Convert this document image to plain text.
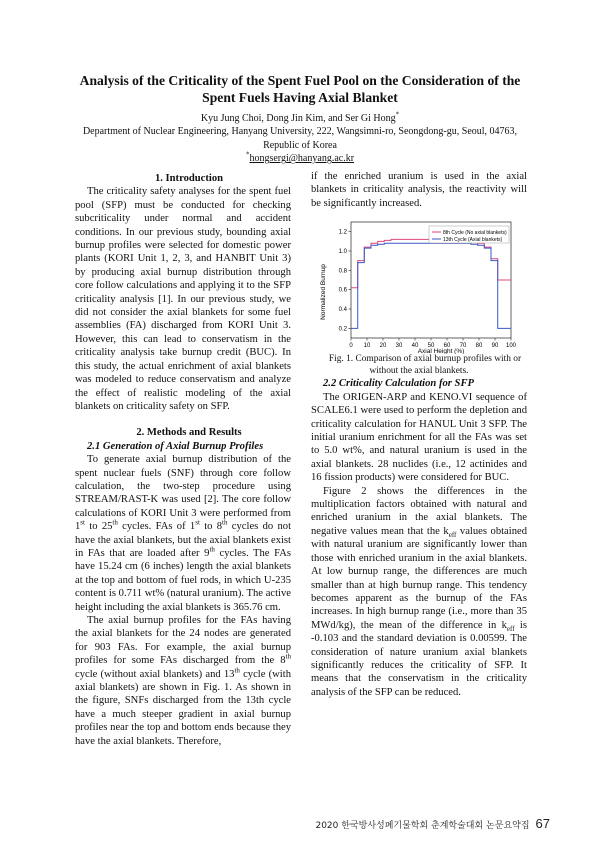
Analysis of the Criticality of the Spent Fuel Pool on the Consideration of the
Spent Fuels Having Axial Blanket
Kyu Jung Choi, Dong Jin Kim, and Ser Gi Hong*
Department of Nuclear Engineering, Hanyang University, 222, Wangsimni-ro, Seongdong-gu, Seoul, 04763,
Republic of Korea
*hongsergi@hanyang.ac.kr

1. Introduction

The criticality safety analyses for the spent fuel pool (SFP) must be conducted for checking subcriticality under normal and accident conditions. In our previous study, bounding axial burnup profiles were selected for domestic power plants (KORI Unit 1, 2, 3, and HANBIT Unit 3) by producing axial burnup distribution through core follow calculations and applying it to the SFP criticality analysis [1]. In our previous study, we did not consider the axial blankets for some fuel assemblies (FA) discharged from KORI Unit 3. However, this can lead to conservatism in the criticality analysis take burnup credit (BUC). In this study, the actual enrichment of axial blankets was modeled to reduce conservatism and analyze the effect of realistic modeling of the axial blankets on criticality safety on SFP.

2. Methods and Results

2.1 Generation of Axial Burnup Profiles

To generate axial burnup distribution of the spent nuclear fuels (SNF) through core follow calculation, the two-step procedure using STREAM/RAST-K was used [2]. The core follow calculations of KORI Unit 3 were performed from 1st to 25th cycles. FAs of 1st to 8th cycles do not have the axial blankets, but the axial blankets exist in FAs that are loaded after 9th cycles. The FAs have 15.24 cm (6 inches) length the axial blankets at the top and bottom of fuel rods, in which U-235 content is 0.711 wt% (natural uranium). The active height including the axial blankets is 365.76 cm.

The axial burnup profiles for the FAs having the axial blankets for the 24 nodes are generated for 903 FAs. For example, the axial burnup profiles for some FAs discharged from the 8th cycle (without axial blankets) and 13th cycle (with axial blankets) are shown in Fig. 1. As shown in the figure, SNFs discharged from the 13th cycle have a much steeper gradient in axial burnup profiles near the top and bottom ends because they have the axial blankets. Therefore,

if the enriched uranium is used in the axial blankets in criticality analysis, the reactivity will be significantly increased.

0 10 20 30 40 50 60 70 80 90 100
0.2
0.4
0.6
0.8
1.0
1.2	8th Cycle (No axial blankets)
13th Cycle (Axial blankets)
Normalized Burnup
Axial Height (%)

Fig. 1. Comparison of axial burnup profiles with or without the axial blankets.

2.2 Criticality Calculation for SFP

The ORIGEN-ARP and KENO.VI sequence of SCALE6.1 were used to perform the depletion and criticality calculation for HANUL Unit 3 SFP. The initial uranium enrichment for all the FAs was set to 5.0 wt%, and natural uranium is used in the axial blankets. 28 nuclides (i.e., 12 actinides and 16 fission products) were considered for BUC.

Figure 2 shows the differences in the multiplication factors obtained with natural and enriched uranium in the axial blankets. The negative values mean that the $k_{eff}$ values obtained with natural uranium are significantly lower than those with enriched uranium in the axial blankets. At low burnup range, the differences are much smaller than at high burnup range. This tendency becomes apparent as the burnup of the FAs increases. In high burnup range (i.e., more than 35 MWd/kg), the mean of the difference in $k_{eff}$ is -0.103 and the standard deviation is 0.00599. The consideration of nature uranium axial blankets significantly reduces the criticality of SFP. It means that the conservatism in the criticality analysis of the SFP can be reduced.

2020 한국방사성폐기물학회 춘계학술대회 논문요약집 67
